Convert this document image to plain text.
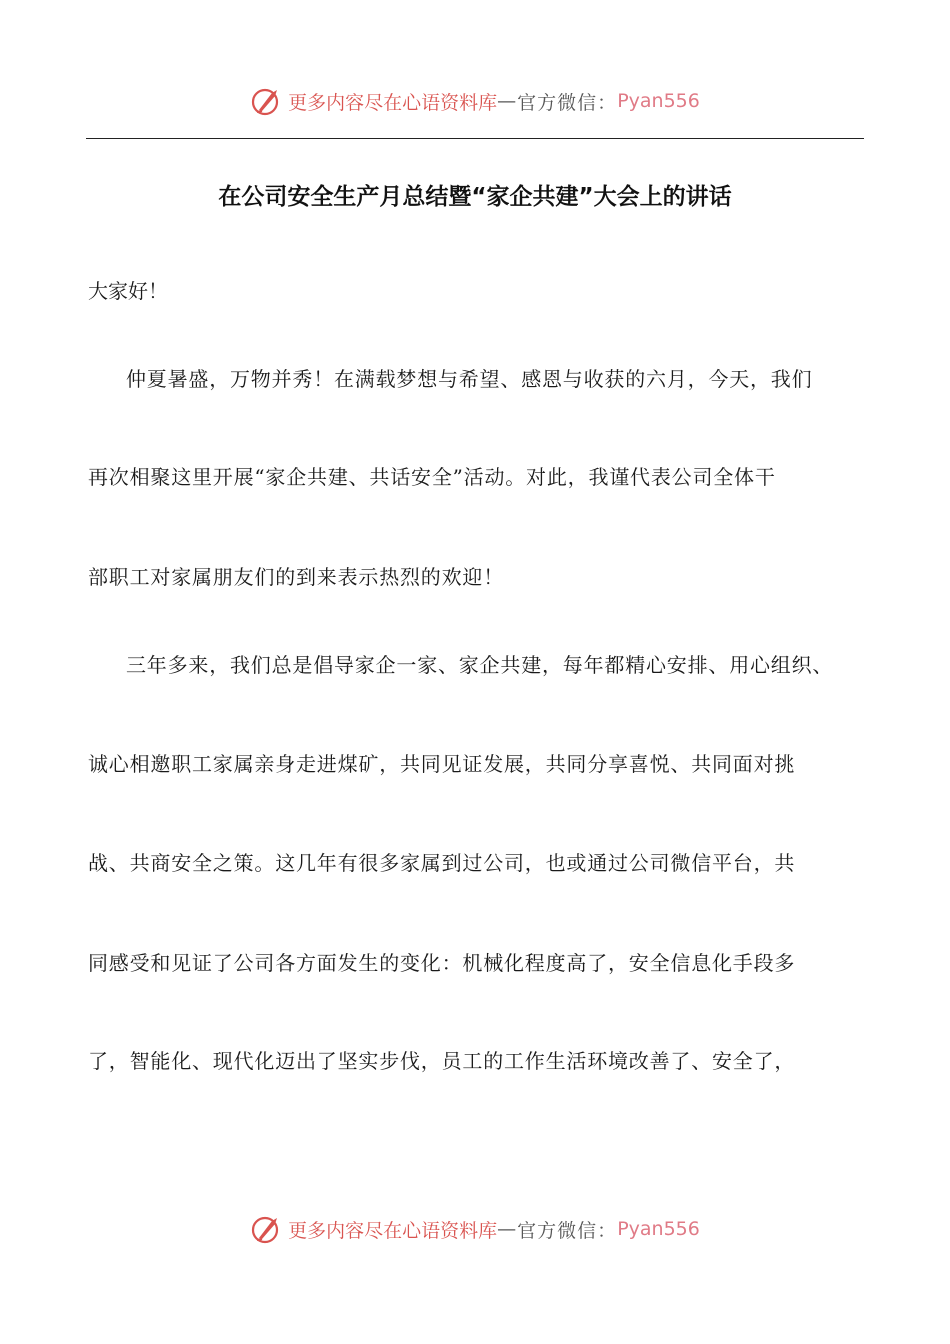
更多内容尽在心语资料库 — 官方微信： Pyan556
在公司安全生产月总结暨“家企共建”大会上的讲话
大家好！
仲夏暑盛，万物并秀！在满载梦想与希望、感恩与收获的六月，今天，我们
再次相聚这里开展“家企共建、共话安全”活动。对此，我谨代表公司全体干
部职工对家属朋友们的到来表示热烈的欢迎！
三年多来，我们总是倡导家企一家、家企共建，每年都精心安排、用心组织、
诚心相邀职工家属亲身走进煤矿，共同见证发展，共同分享喜悦、共同面对挑
战、共商安全之策。这几年有很多家属到过公司，也或通过公司微信平台，共
同感受和见证了公司各方面发生的变化：机械化程度高了，安全信息化手段多
了，智能化、现代化迈出了坚实步伐，员工的工作生活环境改善了、安全了，
更多内容尽在心语资料库 — 官方微信： Pyan556
